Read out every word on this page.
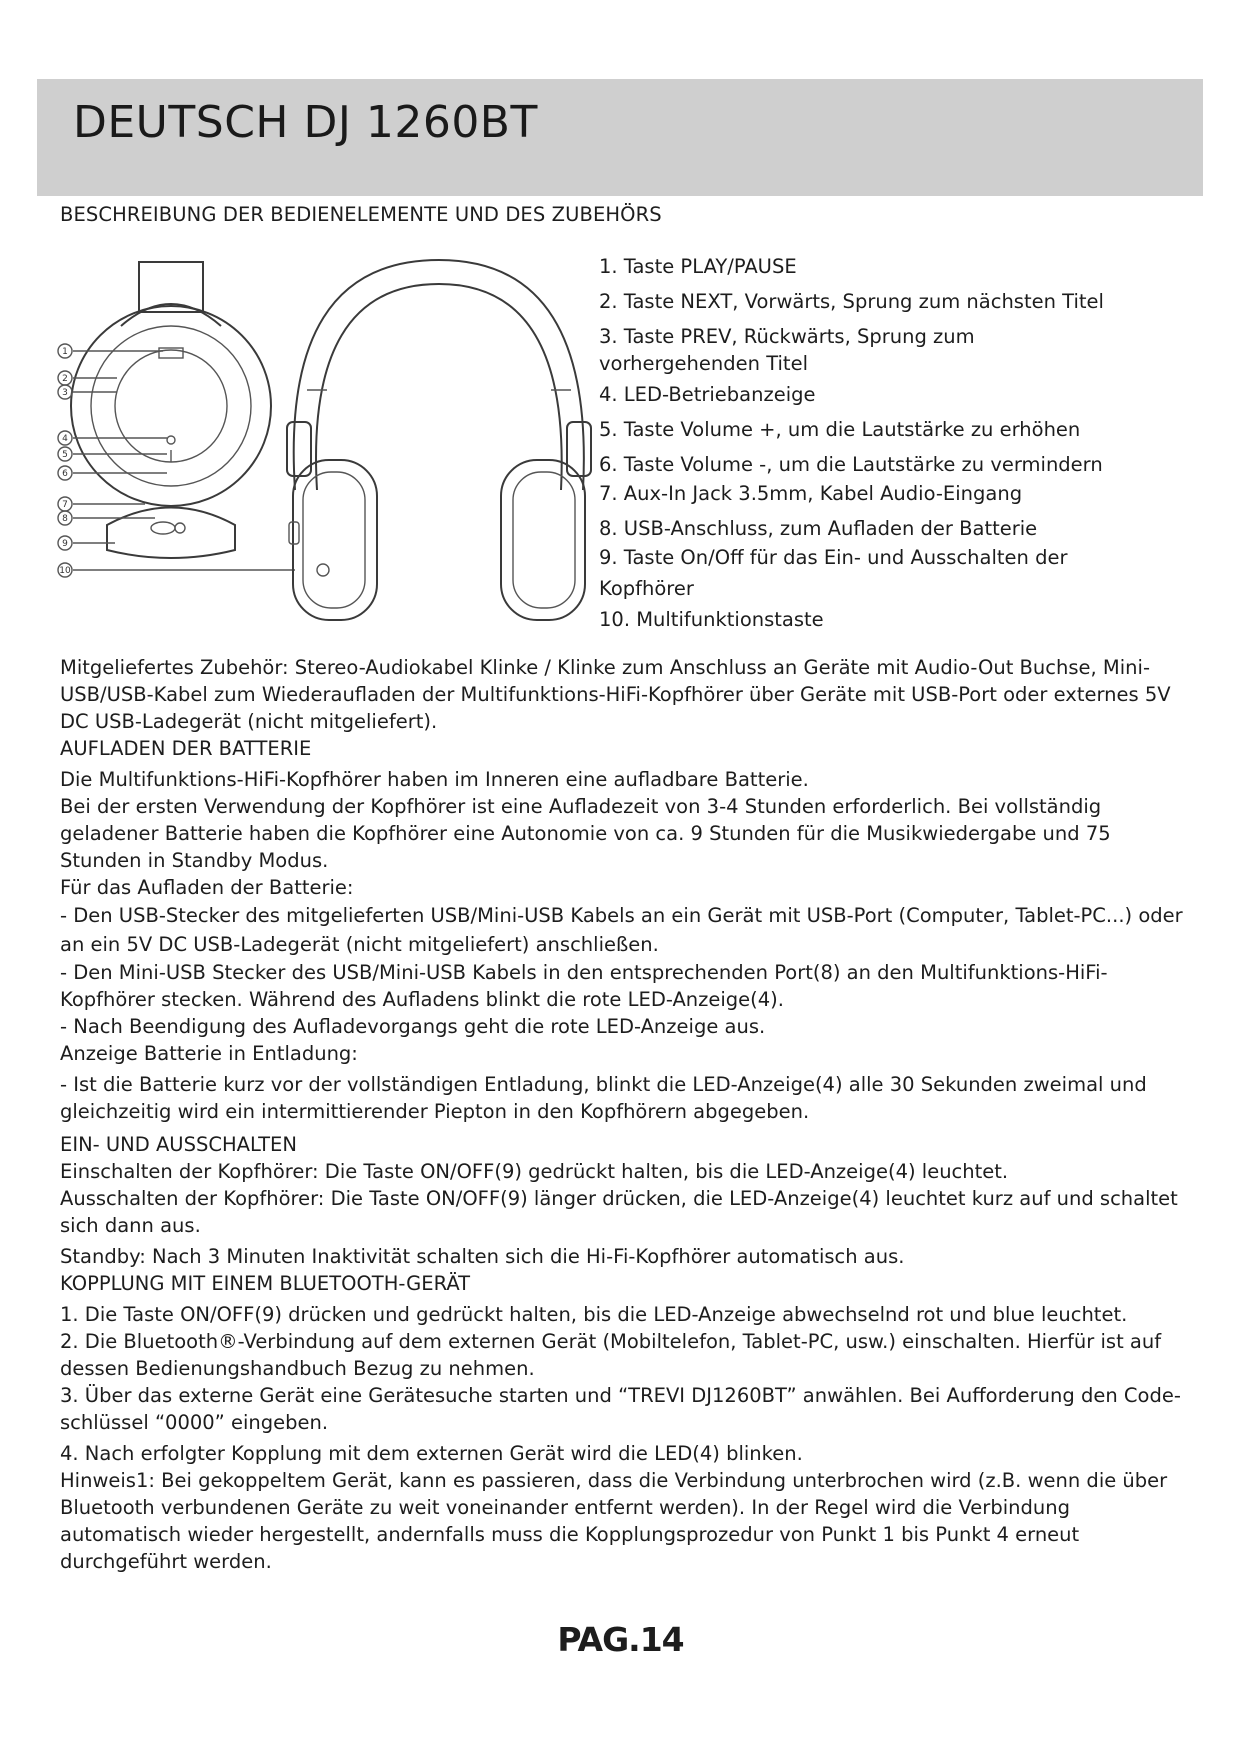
DEUTSCH DJ 1260BT
BESCHREIBUNG DER BEDIENELEMENTE UND DES ZUBEHÖRS
1
2
3
4
5
6
7
8
9
10
1. Taste PLAY/PAUSE
2. Taste NEXT, Vorwärts, Sprung zum nächsten Titel
3. Taste PREV, Rückwärts, Sprung zum
vorhergehenden Titel
4. LED-Betriebanzeige
5. Taste Volume +, um die Lautstärke zu erhöhen
6. Taste Volume -, um die Lautstärke zu vermindern
7. Aux-In Jack 3.5mm, Kabel Audio-Eingang
8. USB-Anschluss, zum Aufladen der Batterie
9. Taste On/Off für das Ein- und Ausschalten der
Kopfhörer
10. Multifunktionstaste

Mitgeliefertes Zubehör: Stereo-Audiokabel Klinke / Klinke zum Anschluss an Geräte mit Audio-Out Buchse, Mini-USB/USB-Kabel zum Wiederaufladen der Multifunktions-HiFi-Kopfhörer über Geräte mit USB-Port oder externes 5V DC USB-Ladegerät (nicht mitgeliefert).

AUFLADEN DER BATTERIE

Die Multifunktions-HiFi-Kopfhörer haben im Inneren eine aufladbare Batterie.

Bei der ersten Verwendung der Kopfhörer ist eine Aufladezeit von 3-4 Stunden erforderlich. Bei vollständig geladener Batterie haben die Kopfhörer eine Autonomie von ca. 9 Stunden für die Musikwiedergabe und 75 Stunden in Standby Modus.

Für das Aufladen der Batterie:

- Den USB-Stecker des mitgelieferten USB/Mini-USB Kabels an ein Gerät mit USB-Port (Computer, Tablet-PC...) oder an ein 5V DC USB-Ladegerät (nicht mitgeliefert) anschließen.

- Den Mini-USB Stecker des USB/Mini-USB Kabels in den entsprechenden Port(8) an den Multifunktions-HiFi-Kopfhörer stecken. Während des Aufladens blinkt die rote LED-Anzeige(4).

- Nach Beendigung des Aufladevorgangs geht die rote LED-Anzeige aus.

Anzeige Batterie in Entladung:

- Ist die Batterie kurz vor der vollständigen Entladung, blinkt die LED-Anzeige(4) alle 30 Sekunden zweimal und gleichzeitig wird ein intermittierender Piepton in den Kopfhörern abgegeben.

EIN- UND AUSSCHALTEN

Einschalten der Kopfhörer: Die Taste ON/OFF(9) gedrückt halten, bis die LED-Anzeige(4) leuchtet.

Ausschalten der Kopfhörer: Die Taste ON/OFF(9) länger drücken, die LED-Anzeige(4) leuchtet kurz auf und schaltet sich dann aus.

Standby: Nach 3 Minuten Inaktivität schalten sich die Hi-Fi-Kopfhörer automatisch aus.

KOPPLUNG MIT EINEM BLUETOOTH-GERÄT

1. Die Taste ON/OFF(9) drücken und gedrückt halten, bis die LED-Anzeige abwechselnd rot und blue leuchtet.

2. Die Bluetooth®-Verbindung auf dem externen Gerät (Mobiltelefon, Tablet-PC, usw.) einschalten. Hierfür ist auf dessen Bedienungshandbuch Bezug zu nehmen.

3. Über das externe Gerät eine Gerätesuche starten und “TREVI DJ1260BT” anwählen. Bei Aufforderung den Code-schlüssel “0000” eingeben.

4. Nach erfolgter Kopplung mit dem externen Gerät wird die LED(4) blinken.

Hinweis1: Bei gekoppeltem Gerät, kann es passieren, dass die Verbindung unterbrochen wird (z.B. wenn die über Bluetooth verbundenen Geräte zu weit voneinander entfernt werden). In der Regel wird die Verbindung automatisch wieder hergestellt, andernfalls muss die Kopplungsprozedur von Punkt 1 bis Punkt 4 erneut durchgeführt werden.

PAG.14
